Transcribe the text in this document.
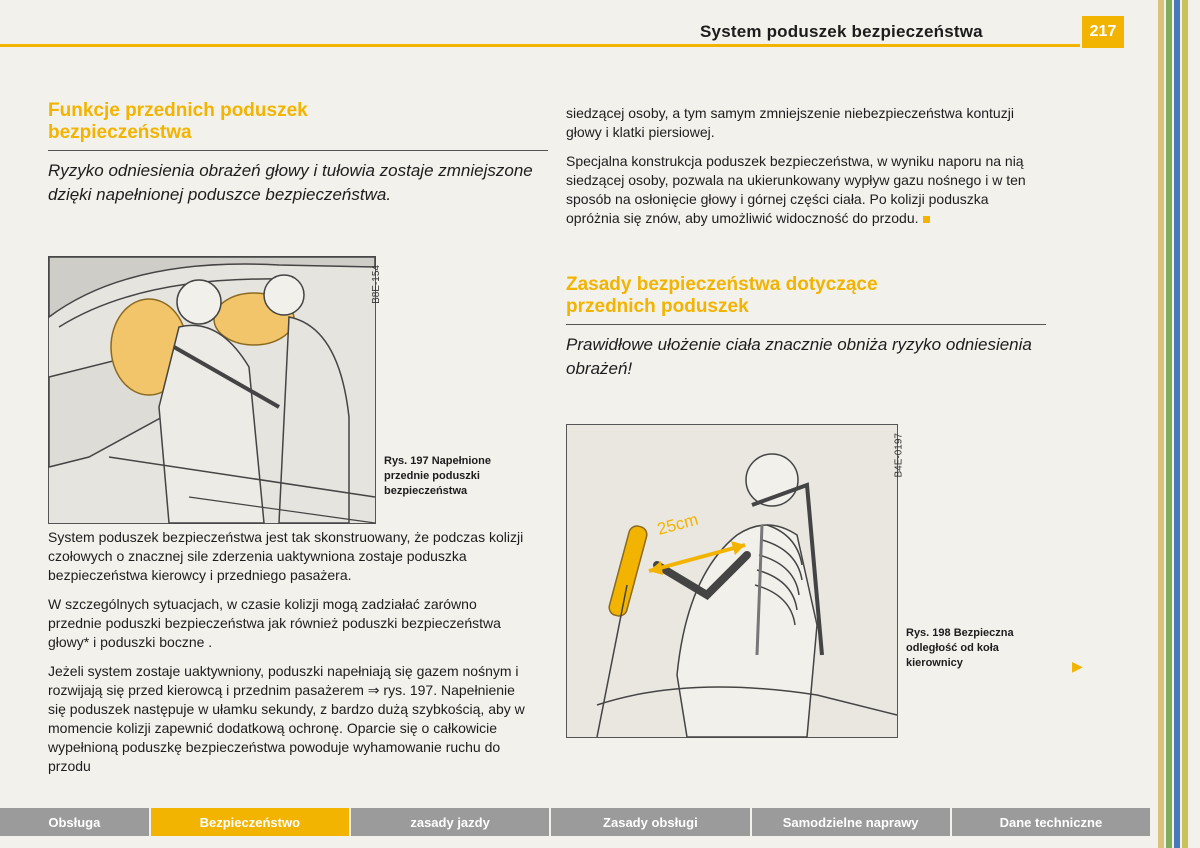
System poduszek bezpieczeństwa	217
Funkcje przednich poduszek
bezpieczeństwa

Ryzyko odniesienia obrażeń głowy i tułowia zostaje zmniejszone dzięki napełnionej poduszce bezpieczeństwa.

B8E-154
Rys. 197 Napełnione przednie poduszki bezpieczeństwa

System poduszek bezpieczeństwa jest tak skonstruowany, że podczas kolizji czołowych o znacznej sile zderzenia uaktywniona zostaje poduszka bezpieczeństwa kierowcy i przedniego pasażera.

W szczególnych sytuacjach, w czasie kolizji mogą zadziałać zarówno przednie poduszki bezpieczeństwa jak również poduszki bezpieczeństwa głowy* i poduszki boczne .

Jeżeli system zostaje uaktywniony, poduszki napełniają się gazem nośnym i rozwijają się przed kierowcą i przednim pasażerem ⇒ rys. 197. Napełnienie się poduszek następuje w ułamku sekundy, z bardzo dużą szybkością, aby w momencie kolizji zapewnić dodatkową ochronę. Oparcie się o całkowicie wypełnioną poduszkę bezpieczeństwa powoduje wyhamowanie ruchu do przodu

siedzącej osoby, a tym samym zmniejszenie niebezpieczeństwa kontuzji głowy i klatki piersiowej.

Specjalna konstrukcja poduszek bezpieczeństwa, w wyniku naporu na nią siedzącej osoby, pozwala na ukierunkowany wypływ gazu nośnego i w ten sposób na osłonięcie głowy i górnej części ciała. Po kolizji poduszka opróżnia się znów, aby umożliwić widoczność do przodu.

Zasady bezpieczeństwa dotyczące
przednich poduszek

Prawidłowe ułożenie ciała znacznie obniża ryzyko odniesienia obrażeń!

25cm
B4E-0197
Rys. 198 Bezpieczna odległość od koła kierownicy	▶
Obsługa	Bezpieczeństwo	zasady jazdy	Zasady obsługi	Samodzielne naprawy	Dane techniczne
